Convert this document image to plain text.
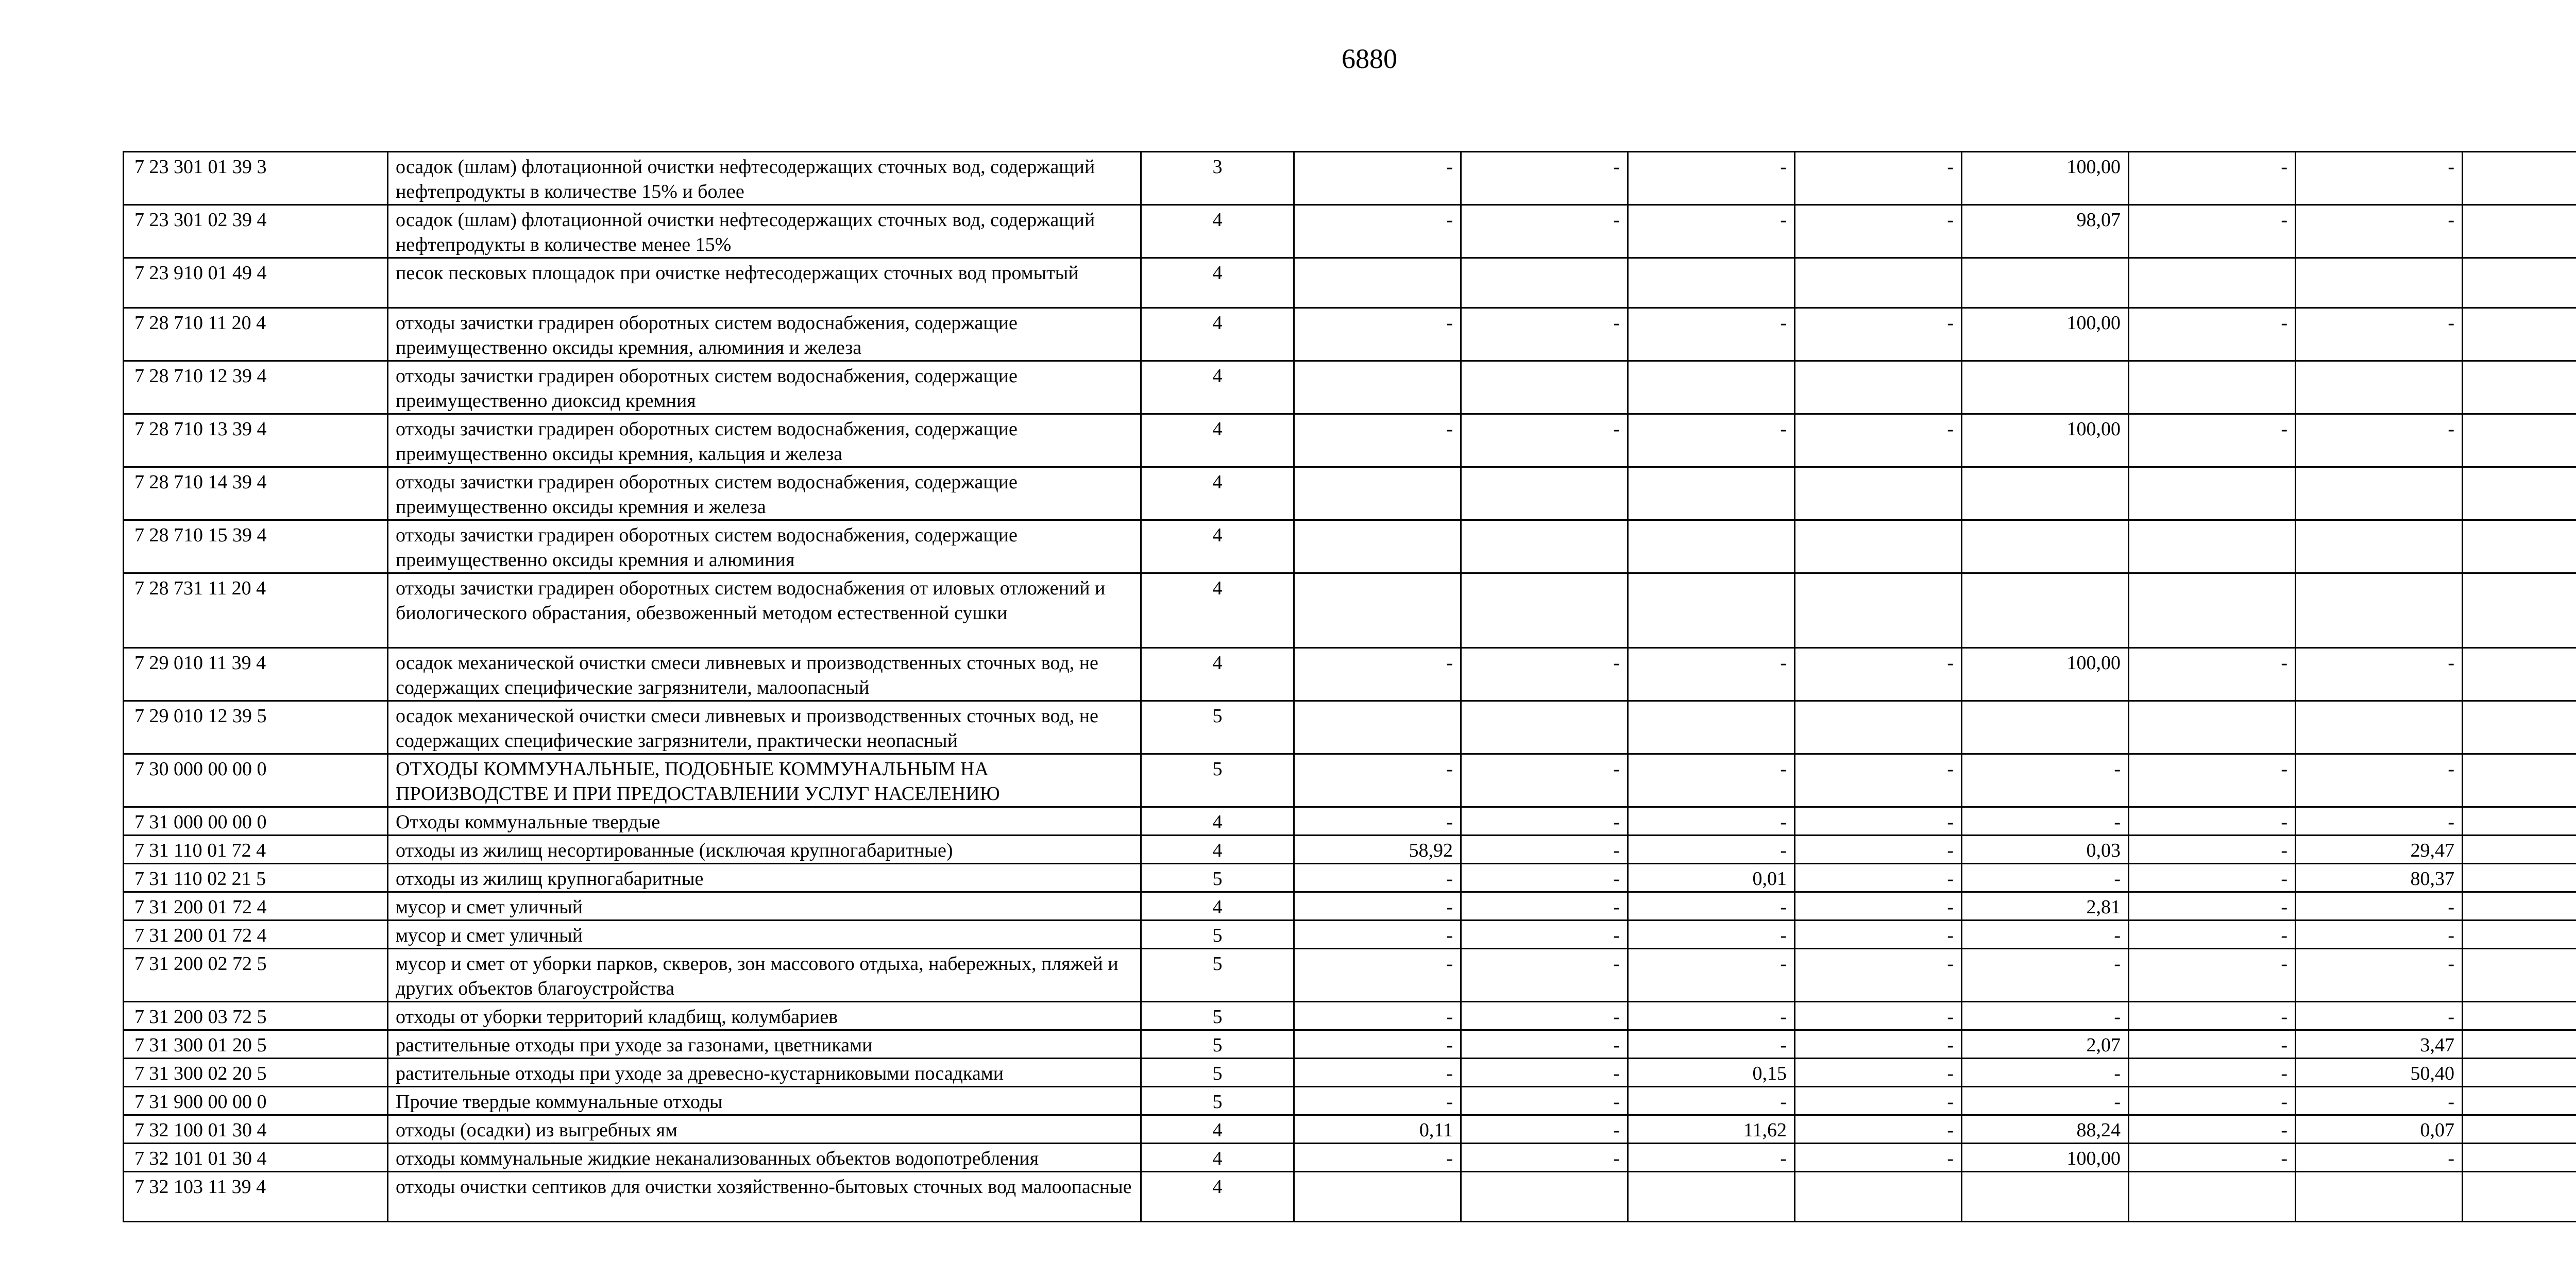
6880
7 23 301 01 39 3	осадок (шлам) флотационной очистки нефтесодержащих сточных вод, содержащий нефтепродукты в количестве 15% и более	3	-	-	-	-	100,00	-	-	
7 23 301 02 39 4	осадок (шлам) флотационной очистки нефтесодержащих сточных вод, содержащий нефтепродукты в количестве менее 15%	4	-	-	-	-	98,07	-	-	
7 23 910 01 49 4	песок песковых площадок при очистке нефтесодержащих сточных вод промытый	4								
7 28 710 11 20 4	отходы зачистки градирен оборотных систем водоснабжения, содержащие преимущественно оксиды кремния, алюминия и железа	4	-	-	-	-	100,00	-	-	
7 28 710 12 39 4	отходы зачистки градирен оборотных систем водоснабжения, содержащие преимущественно диоксид кремния	4								
7 28 710 13 39 4	отходы зачистки градирен оборотных систем водоснабжения, содержащие преимущественно оксиды кремния, кальция и железа	4	-	-	-	-	100,00	-	-	
7 28 710 14 39 4	отходы зачистки градирен оборотных систем водоснабжения, содержащие преимущественно оксиды кремния и железа	4								
7 28 710 15 39 4	отходы зачистки градирен оборотных систем водоснабжения, содержащие преимущественно оксиды кремния и алюминия	4								
7 28 731 11 20 4	отходы зачистки градирен оборотных систем водоснабжения от иловых отложений и биологического обрастания, обезвоженный методом естественной сушки	4								
7 29 010 11 39 4	осадок механической очистки смеси ливневых и производственных сточных вод, не содержащих специфические загрязнители, малоопасный	4	-	-	-	-	100,00	-	-	
7 29 010 12 39 5	осадок механической очистки смеси ливневых и производственных сточных вод, не содержащих специфические загрязнители, практически неопасный	5								
7 30 000 00 00 0	ОТХОДЫ КОММУНАЛЬНЫЕ, ПОДОБНЫЕ КОММУНАЛЬНЫМ НА ПРОИЗВОДСТВЕ И ПРИ ПРЕДОСТАВЛЕНИИ УСЛУГ НАСЕЛЕНИЮ	5	-	-	-	-	-	-	-	
7 31 000 00 00 0	Отходы коммунальные твердые	4	-	-	-	-	-	-	-	
7 31 110 01 72 4	отходы из жилищ несортированные (исключая крупногабаритные)	4	58,92	-	-	-	0,03	-	29,47	
7 31 110 02 21 5	отходы из жилищ крупногабаритные	5	-	-	0,01	-	-	-	80,37	
7 31 200 01 72 4	мусор и смет уличный	4	-	-	-	-	2,81	-	-	
7 31 200 01 72 4	мусор и смет уличный	5	-	-	-	-	-	-	-	
7 31 200 02 72 5	мусор и смет от уборки парков, скверов, зон массового отдыха, набережных, пляжей и других объектов благоустройства	5	-	-	-	-	-	-	-	
7 31 200 03 72 5	отходы от уборки территорий кладбищ, колумбариев	5	-	-	-	-	-	-	-	
7 31 300 01 20 5	растительные отходы при уходе за газонами, цветниками	5	-	-	-	-	2,07	-	3,47	
7 31 300 02 20 5	растительные отходы при уходе за древесно-кустарниковыми посадками	5	-	-	0,15	-	-	-	50,40	
7 31 900 00 00 0	Прочие твердые коммунальные отходы	5	-	-	-	-	-	-	-	
7 32 100 01 30 4	отходы (осадки) из выгребных ям	4	0,11	-	11,62	-	88,24	-	0,07	
7 32 101 01 30 4	отходы коммунальные жидкие неканализованных объектов водопотребления	4	-	-	-	-	100,00	-	-	
7 32 103 11 39 4	отходы очистки септиков для очистки хозяйственно-бытовых сточных вод малоопасные	4								
